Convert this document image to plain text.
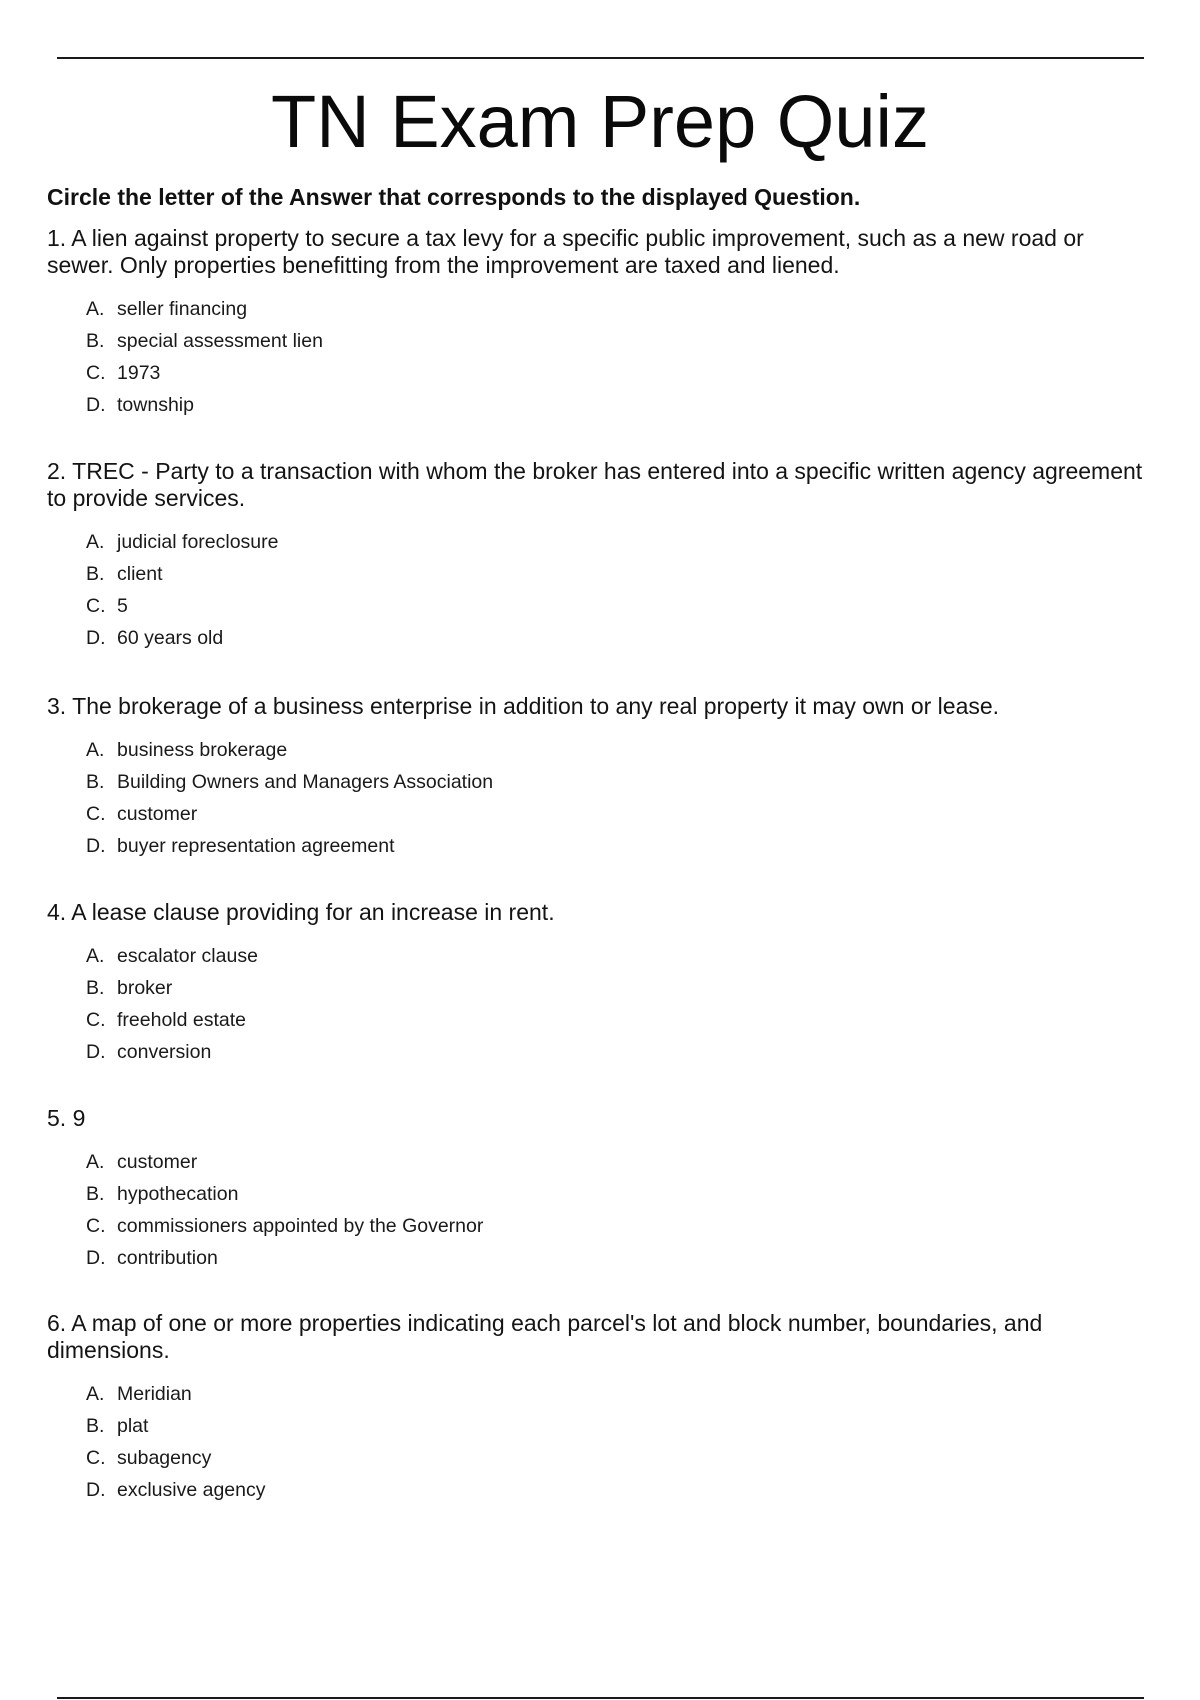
TN Exam Prep Quiz

Circle the letter of the Answer that corresponds to the displayed Question.

1. A lien against property to secure a tax levy for a specific public improvement, such as a new road or sewer. Only properties benefitting from the improvement are taxed and liened.

A. seller financing
B. special assessment lien
C. 1973
D. township

2. TREC - Party to a transaction with whom the broker has entered into a specific written agency agreement to provide services.

A. judicial foreclosure
B. client
C. 5
D. 60 years old

3. The brokerage of a business enterprise in addition to any real property it may own or lease.

A. business brokerage
B. Building Owners and Managers Association
C. customer
D. buyer representation agreement

4. A lease clause providing for an increase in rent.

A. escalator clause
B. broker
C. freehold estate
D. conversion

5. 9

A. customer
B. hypothecation
C. commissioners appointed by the Governor
D. contribution

6. A map of one or more properties indicating each parcel's lot and block number, boundaries, and dimensions.

A. Meridian
B. plat
C. subagency
D. exclusive agency
